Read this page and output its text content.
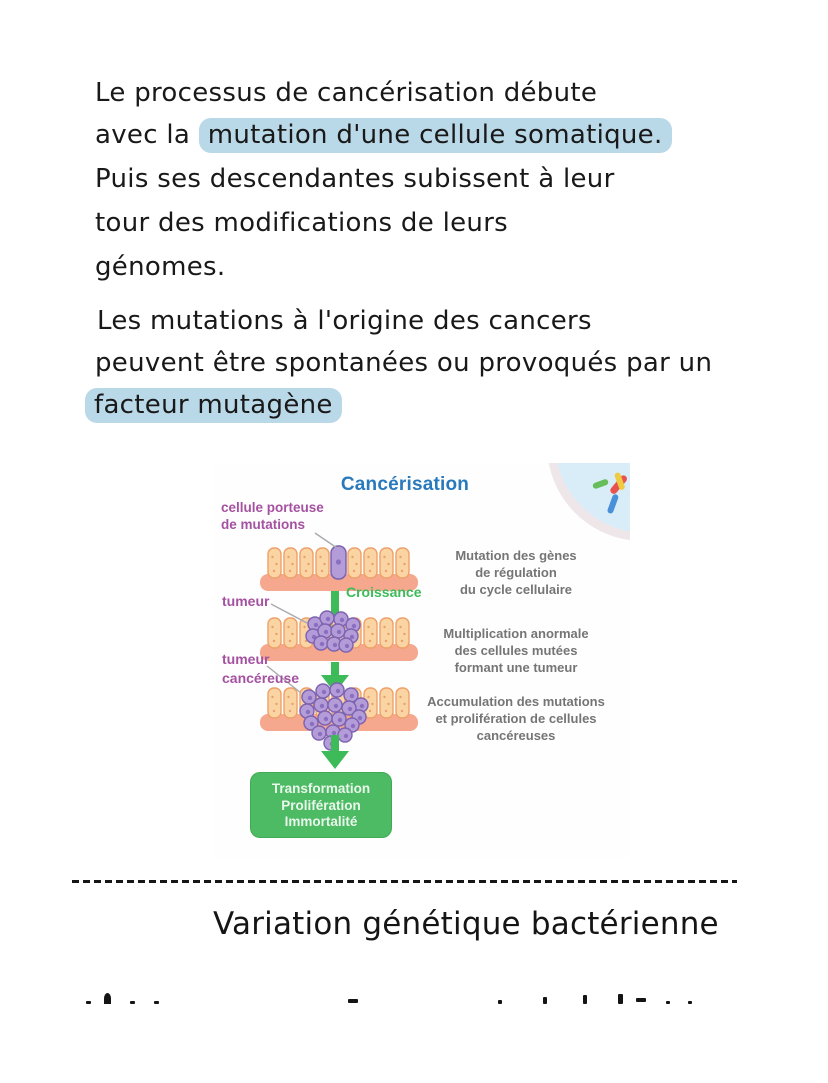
Le processus de cancérisation débute
avec la mutation d'une cellule somatique.
Puis ses descendantes subissent à leur
tour des modifications de leurs
génomes.
Les mutations à l'origine des cancers
peuvent être spontanées ou provoqués par un
facteur mutagène
Cancérisation
cellule porteuse
de mutations
Croissance
tumeur
tumeur
cancéreuse
Mutation des gènes
de régulation
du cycle cellulaire
Multiplication anormale
des cellules mutées
formant une tumeur
Accumulation des mutations
et prolifération de cellules
cancéreuses
Transformation
Prolifération
Immortalité
Variation génétique bactérienne
